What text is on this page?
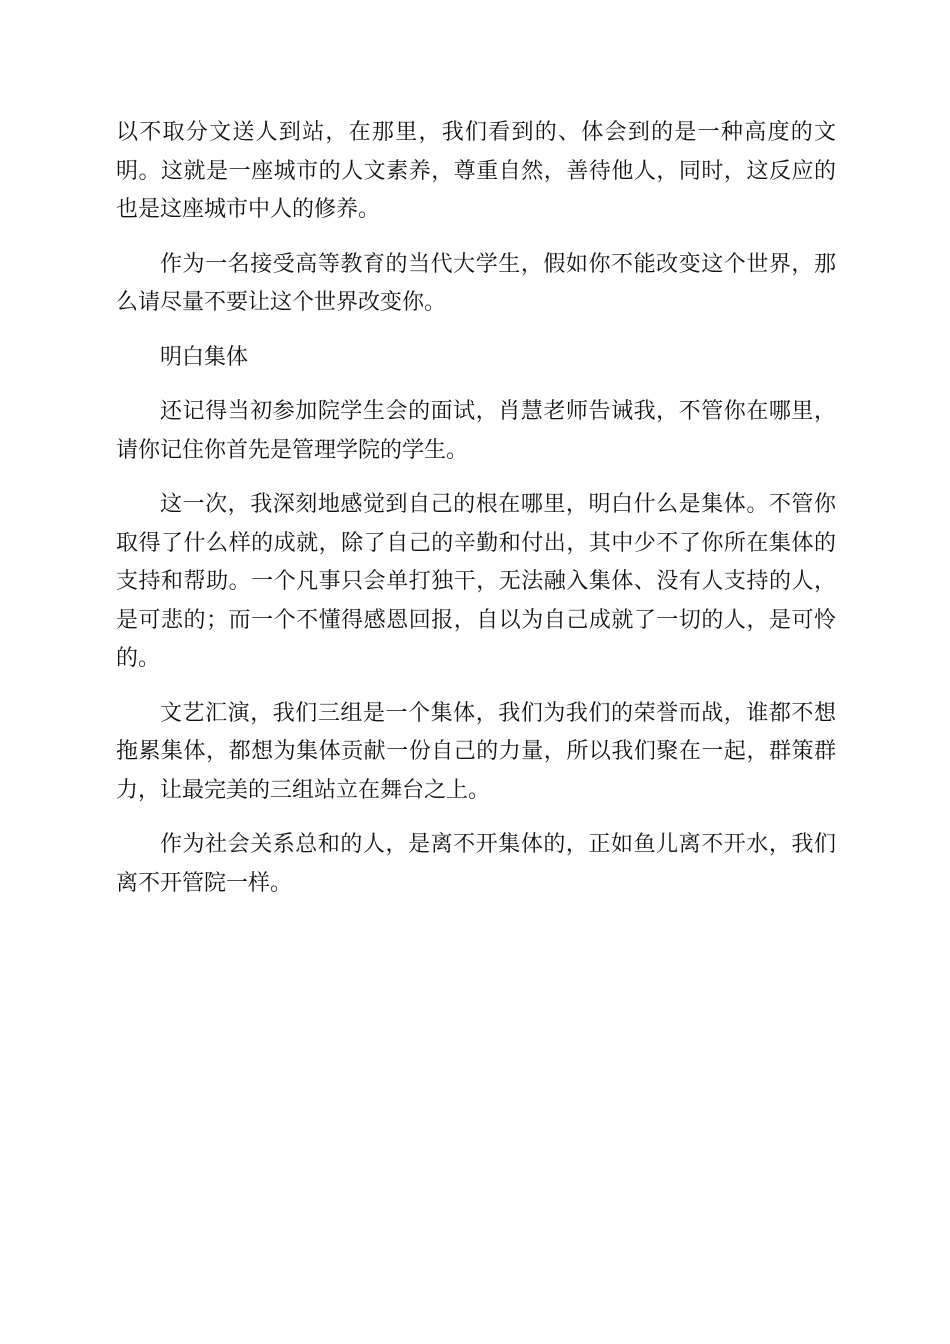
以不取分文送人到站，在那里，我们看到的、体会到的是一种高度的文明。这就是一座城市的人文素养，尊重自然，善待他人，同时，这反应的也是这座城市中人的修养。

作为一名接受高等教育的当代大学生，假如你不能改变这个世界，那么请尽量不要让这个世界改变你。

明白集体

还记得当初参加院学生会的面试，肖慧老师告诫我，不管你在哪里，请你记住你首先是管理学院的学生。

这一次，我深刻地感觉到自己的根在哪里，明白什么是集体。不管你取得了什么样的成就，除了自己的辛勤和付出，其中少不了你所在集体的支持和帮助。一个凡事只会单打独干，无法融入集体、没有人支持的人，是可悲的；而一个不懂得感恩回报，自以为自己成就了一切的人，是可怜的。

文艺汇演，我们三组是一个集体，我们为我们的荣誉而战，谁都不想拖累集体，都想为集体贡献一份自己的力量，所以我们聚在一起，群策群力，让最完美的三组站立在舞台之上。

作为社会关系总和的人，是离不开集体的，正如鱼儿离不开水，我们离不开管院一样。
